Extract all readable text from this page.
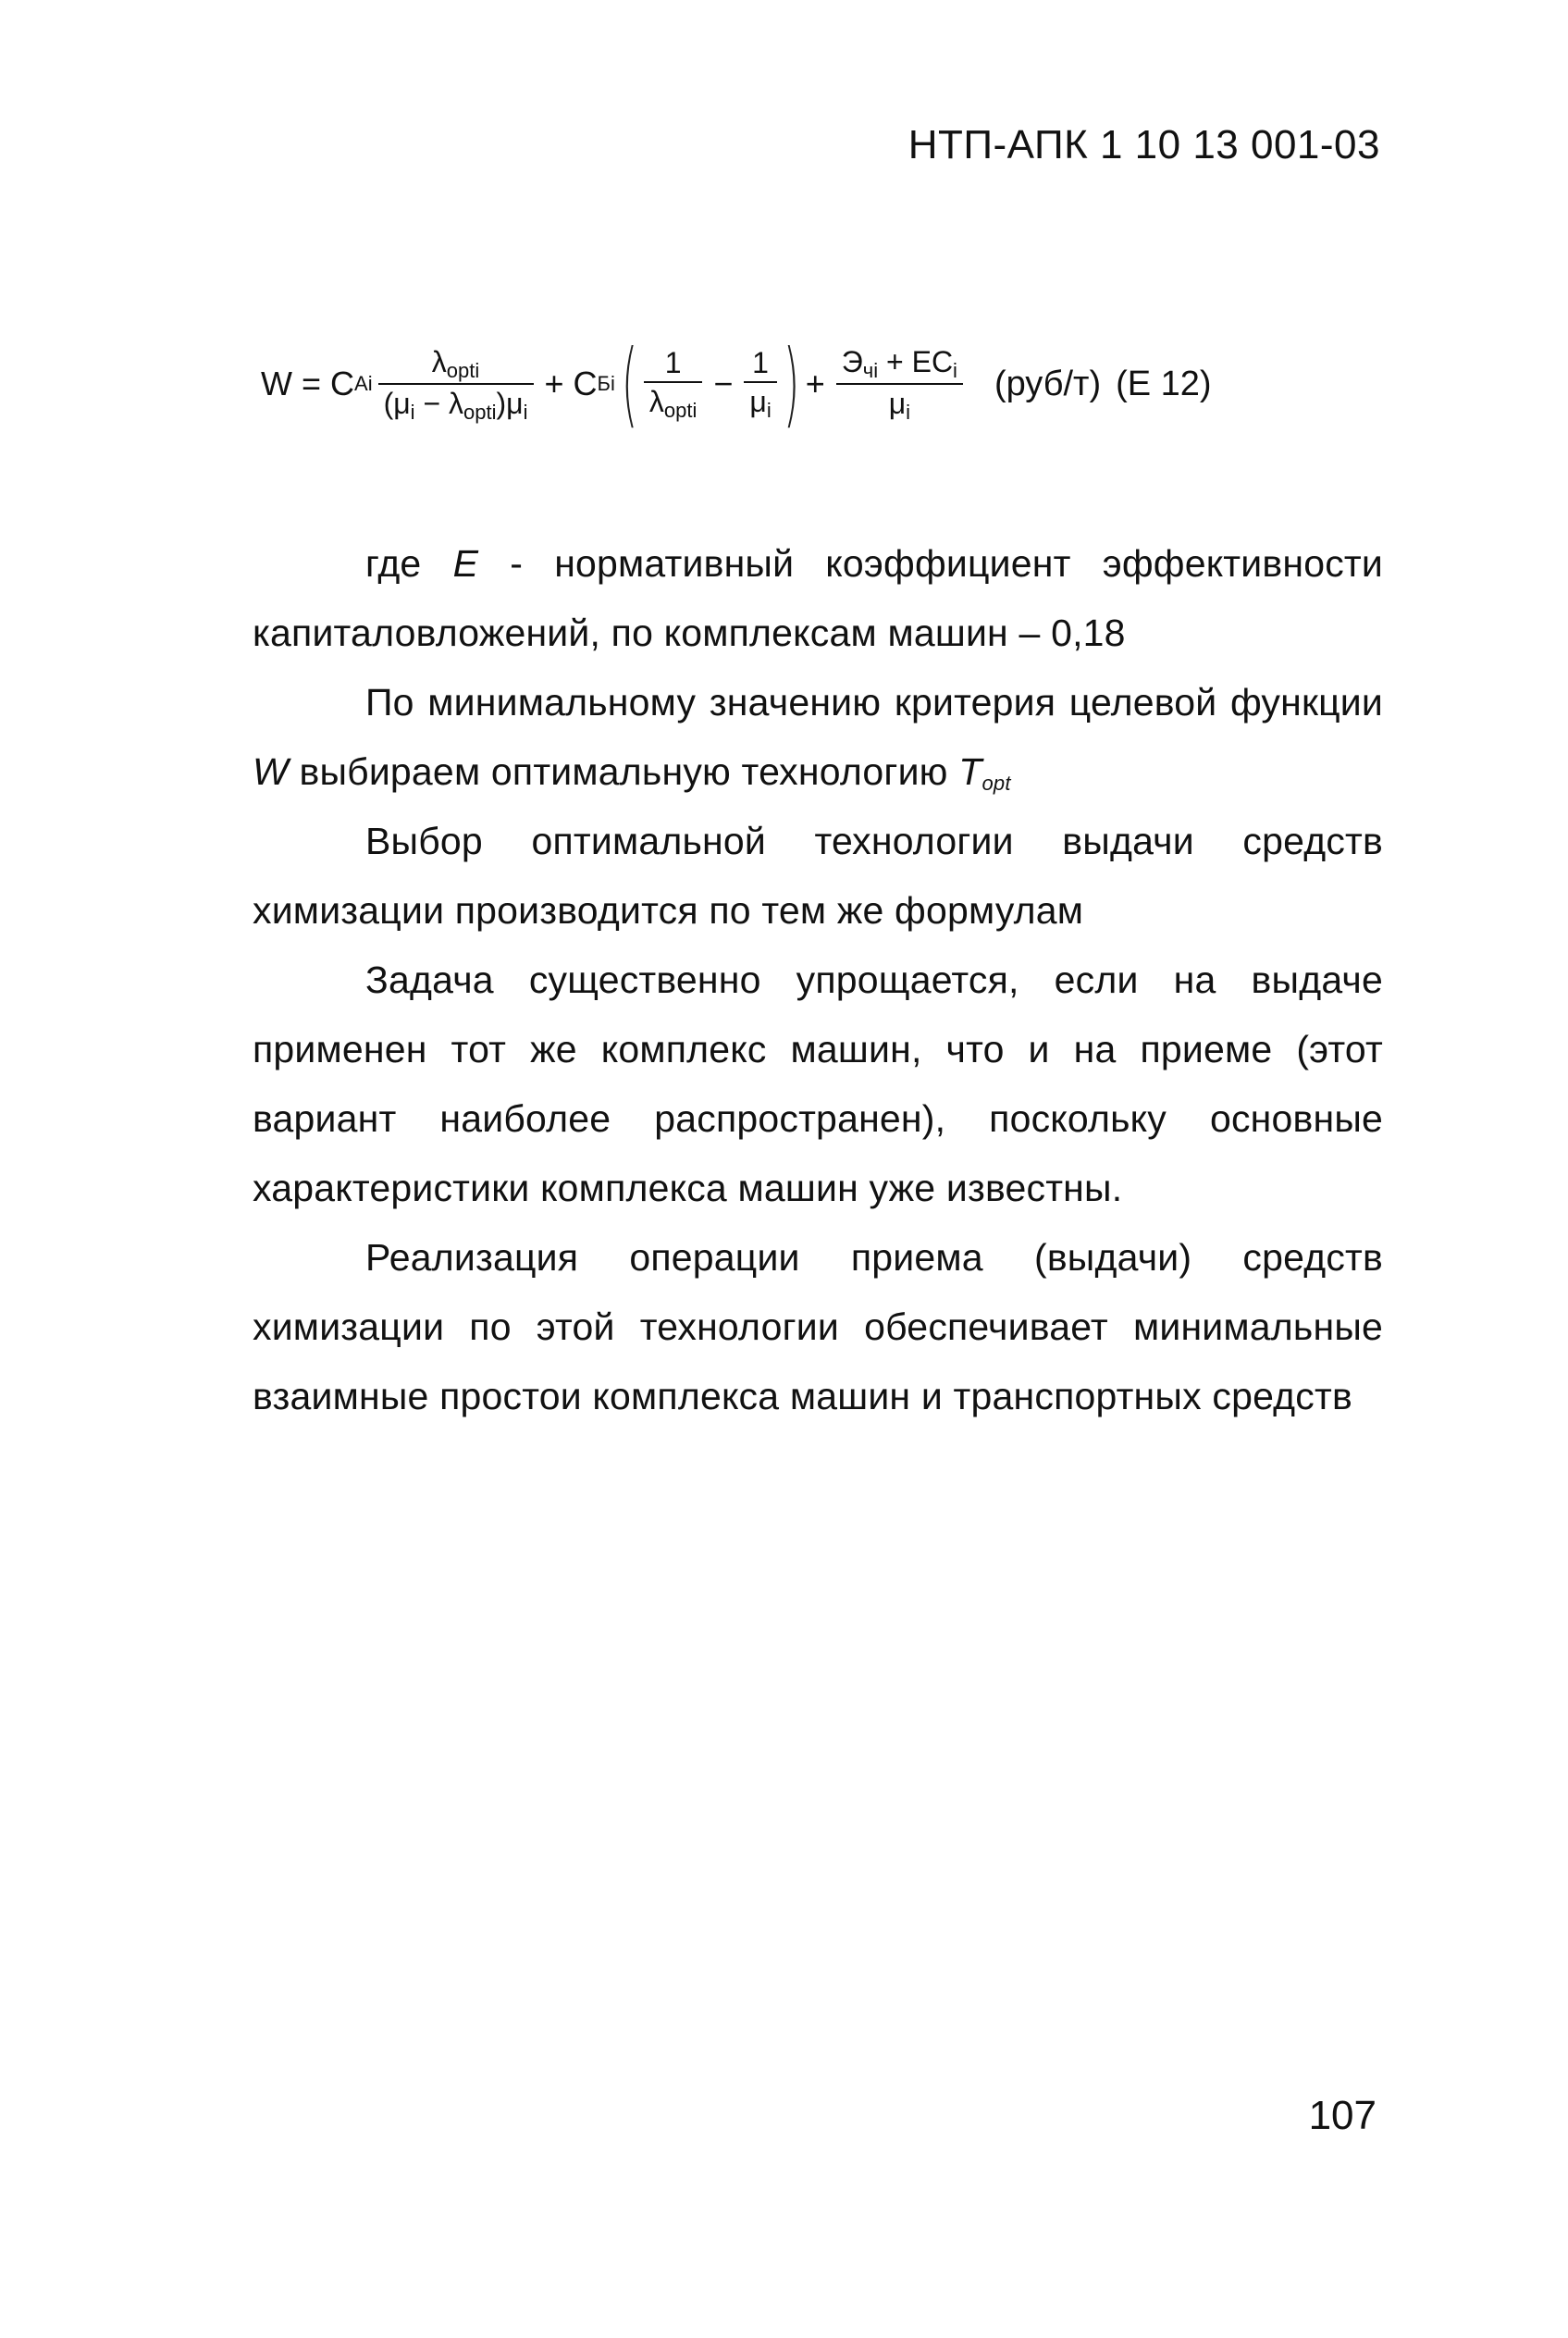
НТП-АПК 1 10 13 001-03
W = C Ai $\frac{\lambda_{opti}}{(\mu_i - \lambda_{opti})\mu_i} + C$ Бi ( $\frac{1}{\lambda_{opti}} - \frac{1}{\mu_i}$ ) + $\frac{Э_{чi} + EC_i}{\mu_i} (руб/т)$ (Е 12)

где Е - нормативный коэффициент эффективности капиталовложений, по комплексам машин – 0,18

По минимальному значению критерия целевой функции W выбираем оптимальную технологию $T_{opt}$

Выбор оптимальной технологии выдачи средств химизации производится по тем же формулам

Задача существенно упрощается, если на выдаче применен тот же комплекс машин, что и на приеме (этот вариант наиболее распространен), поскольку основные характеристики комплекса машин уже известны.

Реализация операции приема (выдачи) средств химизации по этой технологии обеспечивает минимальные взаимные простои комплекса машин и транспортных средств

107
